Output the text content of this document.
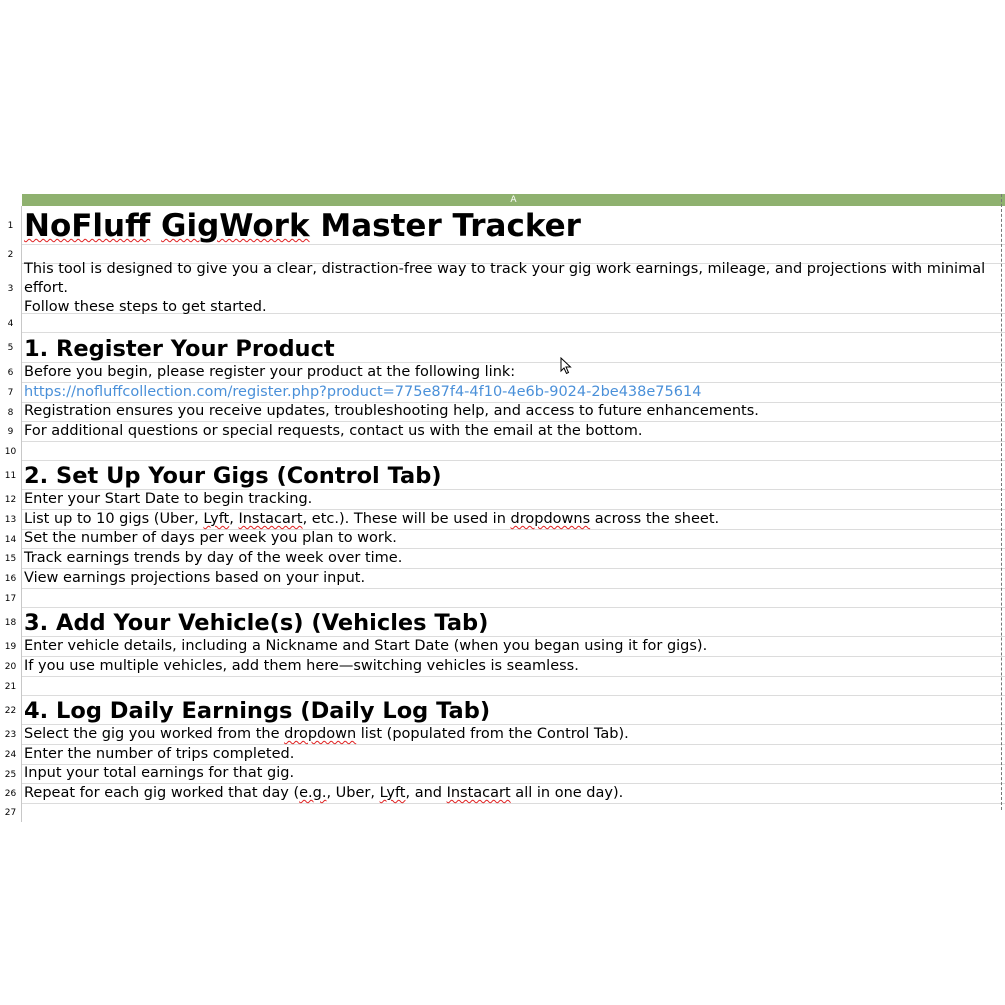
A
1 NoFluff GigWork Master Tracker
2
3
This tool is designed to give you a clear, distraction-free way to track your gig work earnings, mileage, and projections with minimal effort.
Follow these steps to get started.
4
5 1. Register Your Product
6 Before you begin, please register your product at the following link:
7 https://nofluffcollection.com/register.php?product=775e87f4-4f10-4e6b-9024-2be438e75614
8 Registration ensures you receive updates, troubleshooting help, and access to future enhancements.
9 For additional questions or special requests, contact us with the email at the bottom.
10
11 2. Set Up Your Gigs (Control Tab)
12 Enter your Start Date to begin tracking.
13 List up to 10 gigs (Uber, Lyft, Instacart, etc.). These will be used in dropdowns across the sheet.
14 Set the number of days per week you plan to work.
15 Track earnings trends by day of the week over time.
16 View earnings projections based on your input.
17
18 3. Add Your Vehicle(s) (Vehicles Tab)
19 Enter vehicle details, including a Nickname and Start Date (when you began using it for gigs).
20 If you use multiple vehicles, add them here—switching vehicles is seamless.
21
22 4. Log Daily Earnings (Daily Log Tab)
23 Select the gig you worked from the dropdown list (populated from the Control Tab).
24 Enter the number of trips completed.
25 Input your total earnings for that gig.
26 Repeat for each gig worked that day (e.g., Uber, Lyft, and Instacart all in one day).
27
